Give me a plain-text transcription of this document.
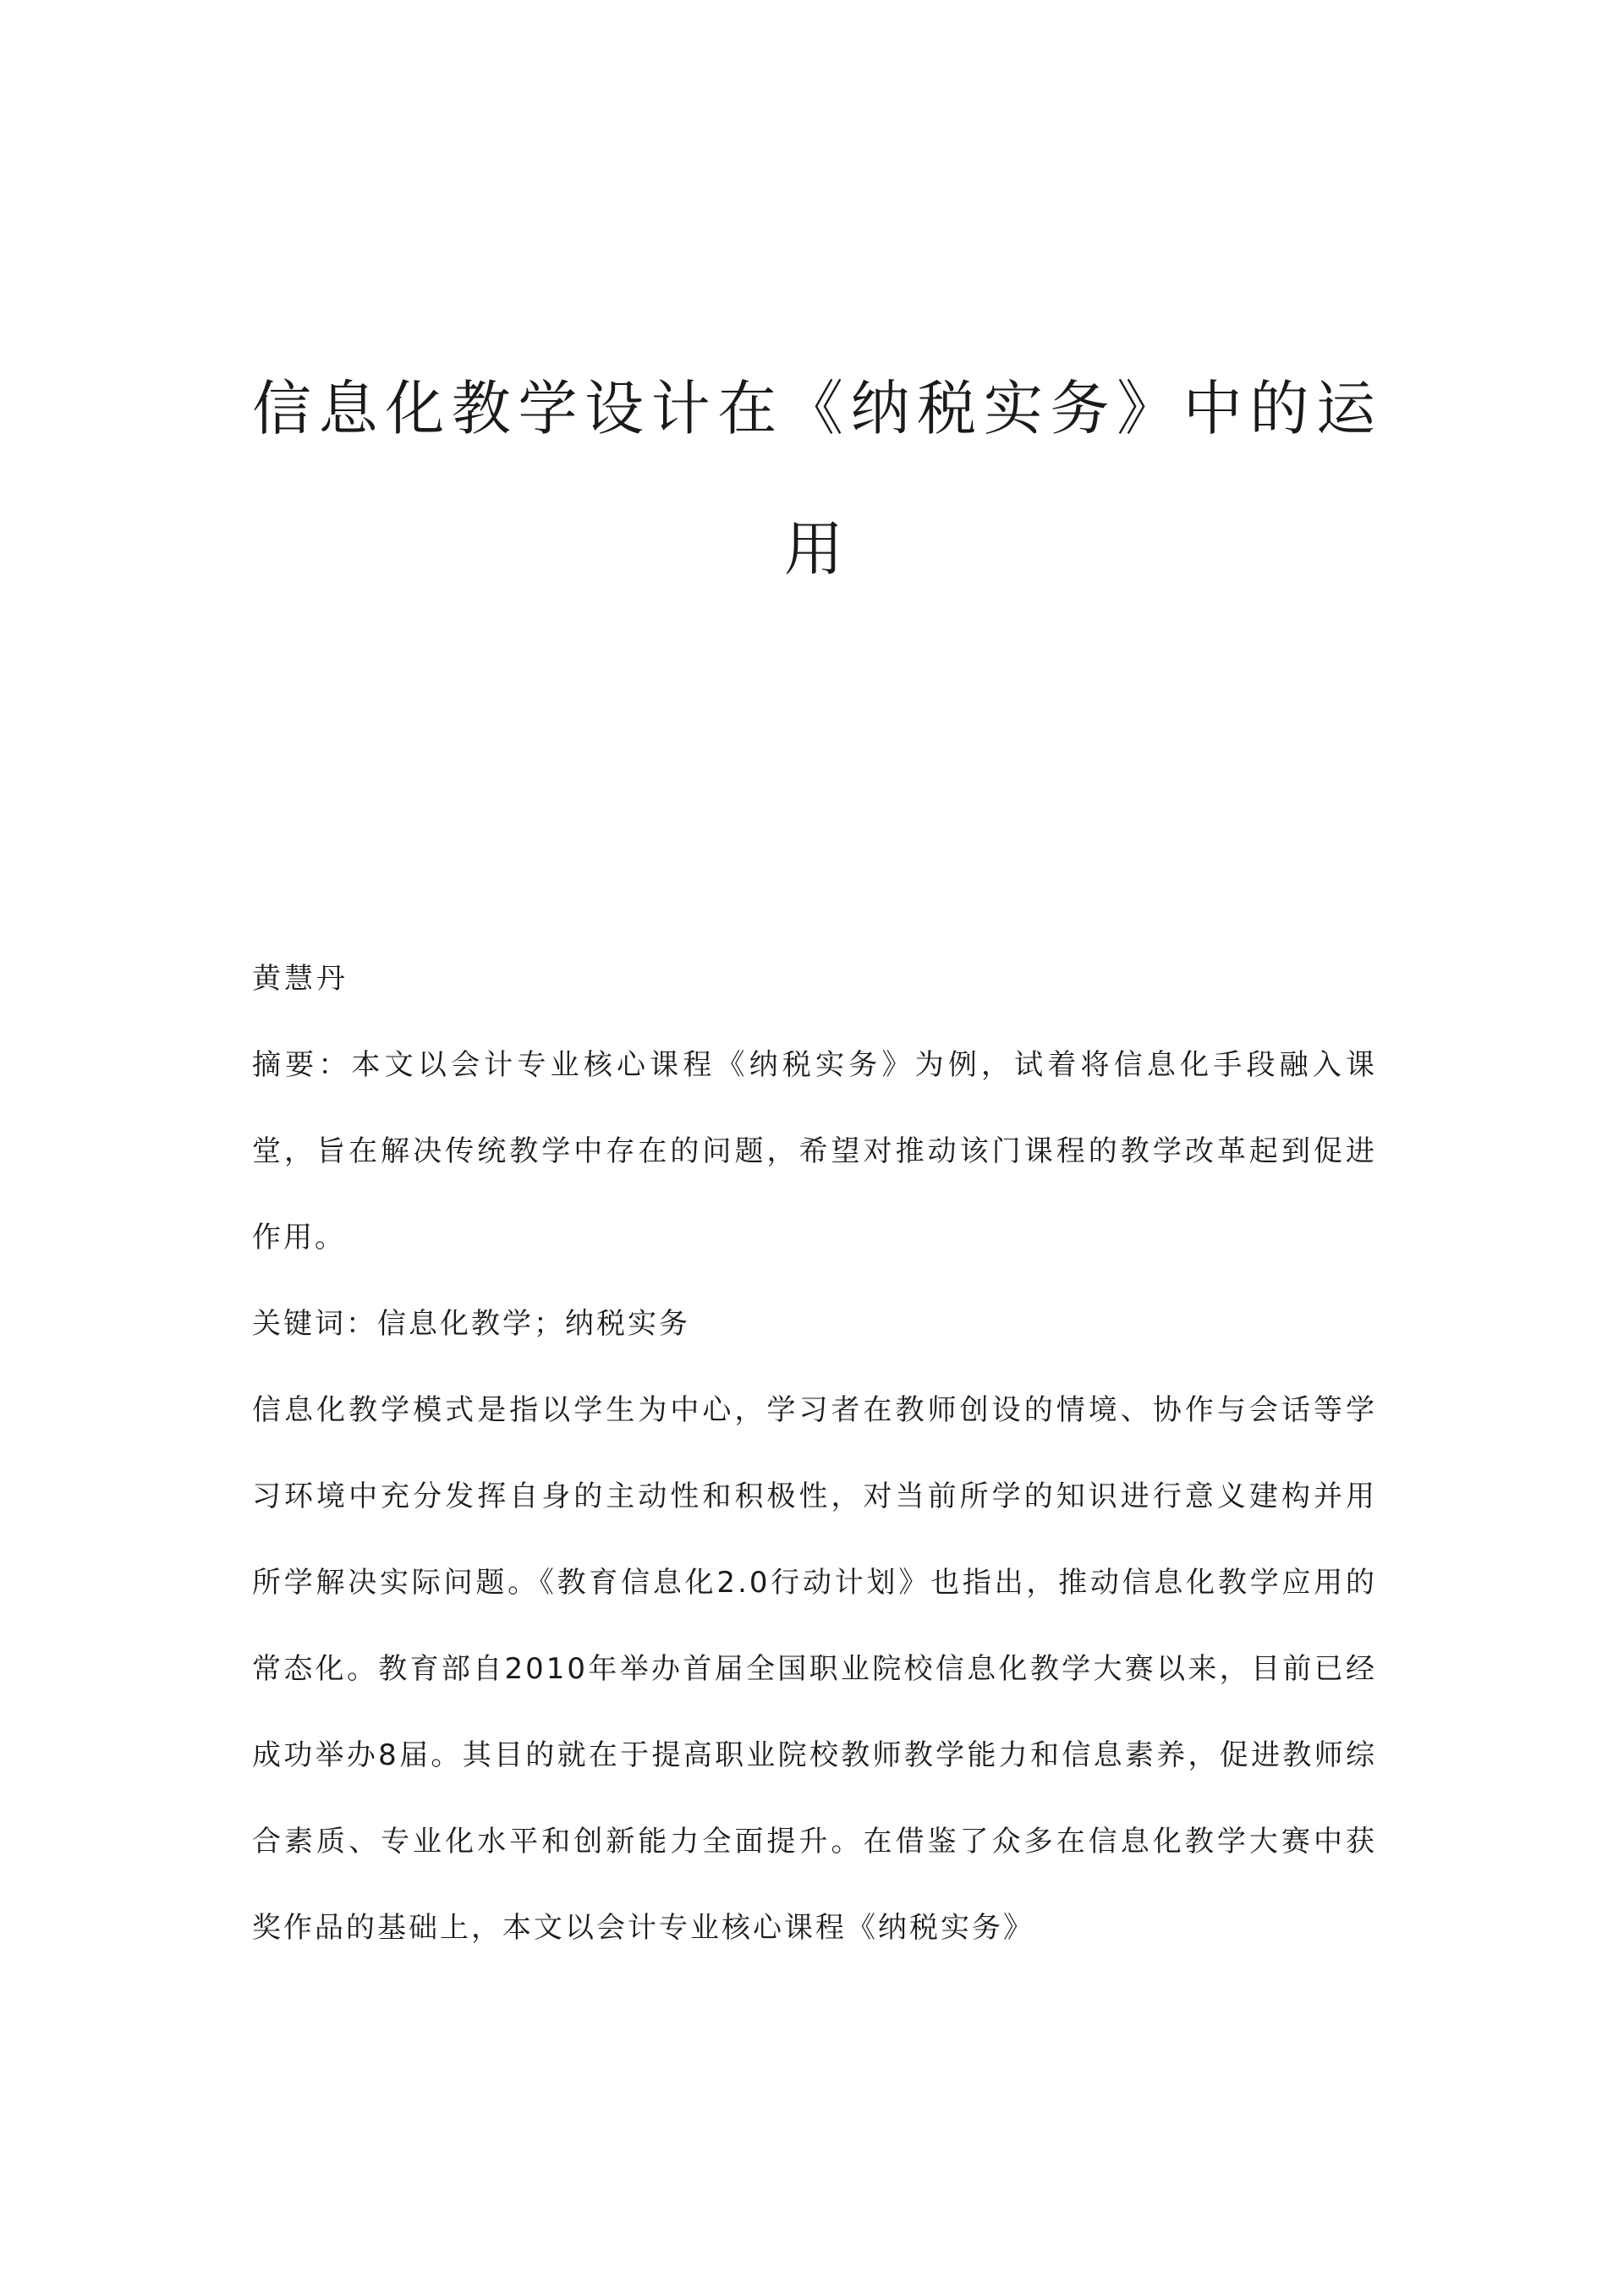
信息化教学设计在《纳税实务》中的运
用

黄慧丹

摘要：本文以会计专业核心课程《纳税实务》为例，试着将信息化手段融入课堂，旨在解决传统教学中存在的问题，希望对推动该门课程的教学改革起到促进作用。

关键词：信息化教学；纳税实务

信息化教学模式是指以学生为中心，学习者在教师创设的情境、协作与会话等学习环境中充分发挥自身的主动性和积极性，对当前所学的知识进行意义建构并用所学解决实际问题。《教育信息化2.0行动计划》也指出，推动信息化教学应用的常态化。教育部自2010年举办首届全国职业院校信息化教学大赛以来，目前已经成功举办8届。其目的就在于提高职业院校教师教学能力和信息素养，促进教师综合素质、专业化水平和创新能力全面提升。在借鉴了众多在信息化教学大赛中获奖作品的基础上，本文以会计专业核心课程《纳税实务》
